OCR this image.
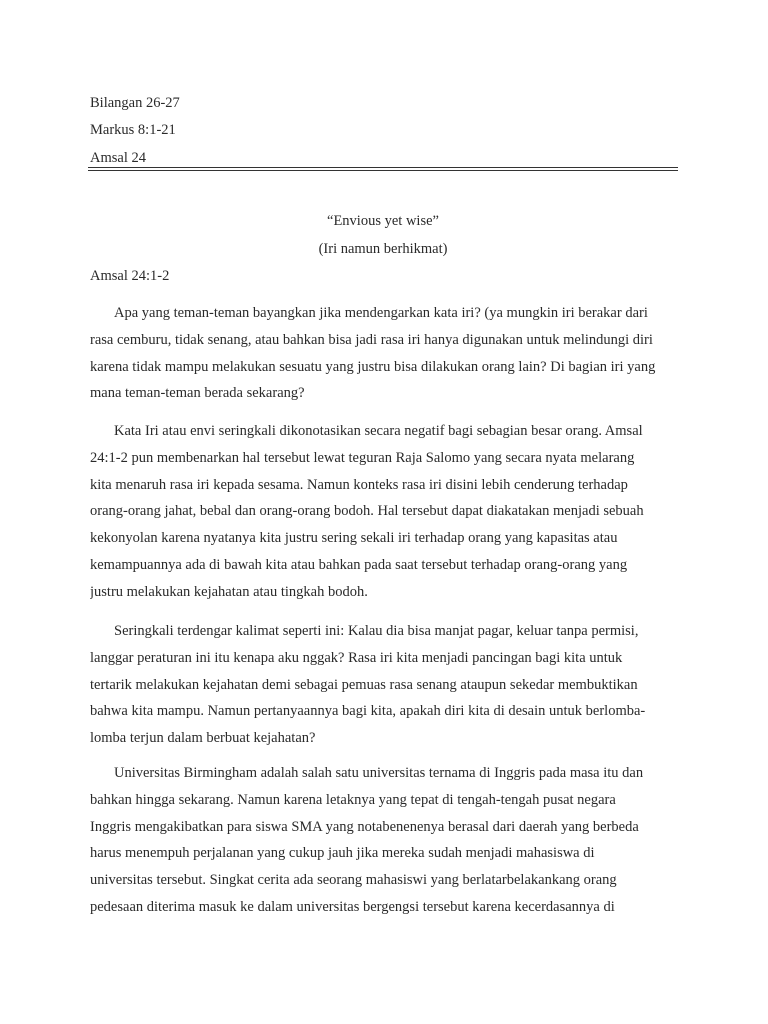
Bilangan 26-27
Markus 8:1-21
Amsal 24
“Envious yet wise”
(Iri namun berhikmat)
Amsal 24:1-2
Apa yang teman-teman bayangkan jika mendengarkan kata iri? (ya mungkin iri berakar dari
rasa cemburu, tidak senang, atau bahkan bisa jadi rasa iri hanya digunakan untuk melindungi diri
karena tidak mampu melakukan sesuatu yang justru bisa dilakukan orang lain? Di bagian iri yang
mana teman-teman berada sekarang?
Kata Iri atau envi seringkali dikonotasikan secara negatif bagi sebagian besar orang. Amsal
24:1-2 pun membenarkan hal tersebut lewat teguran Raja Salomo yang secara nyata melarang
kita menaruh rasa iri kepada sesama. Namun konteks rasa iri disini lebih cenderung terhadap
orang-orang jahat, bebal dan orang-orang bodoh. Hal tersebut dapat diakatakan menjadi sebuah
kekonyolan karena nyatanya kita justru sering sekali iri terhadap orang yang kapasitas atau
kemampuannya ada di bawah kita atau bahkan pada saat tersebut terhadap orang-orang yang
justru melakukan kejahatan atau tingkah bodoh.
Seringkali terdengar kalimat seperti ini: Kalau dia bisa manjat pagar, keluar tanpa permisi,
langgar peraturan ini itu kenapa aku nggak? Rasa iri kita menjadi pancingan bagi kita untuk
tertarik melakukan kejahatan demi sebagai pemuas rasa senang ataupun sekedar membuktikan
bahwa kita mampu. Namun pertanyaannya bagi kita, apakah diri kita di desain untuk berlomba-
lomba terjun dalam berbuat kejahatan?
Universitas Birmingham adalah salah satu universitas ternama di Inggris pada masa itu dan
bahkan hingga sekarang. Namun karena letaknya yang tepat di tengah-tengah pusat negara
Inggris mengakibatkan para siswa SMA yang notabenenenya berasal dari daerah yang berbeda
harus menempuh perjalanan yang cukup jauh jika mereka sudah menjadi mahasiswa di
universitas tersebut. Singkat cerita ada seorang mahasiswi yang berlatarbelakankang orang
pedesaan diterima masuk ke dalam universitas bergengsi tersebut karena kecerdasannya di
